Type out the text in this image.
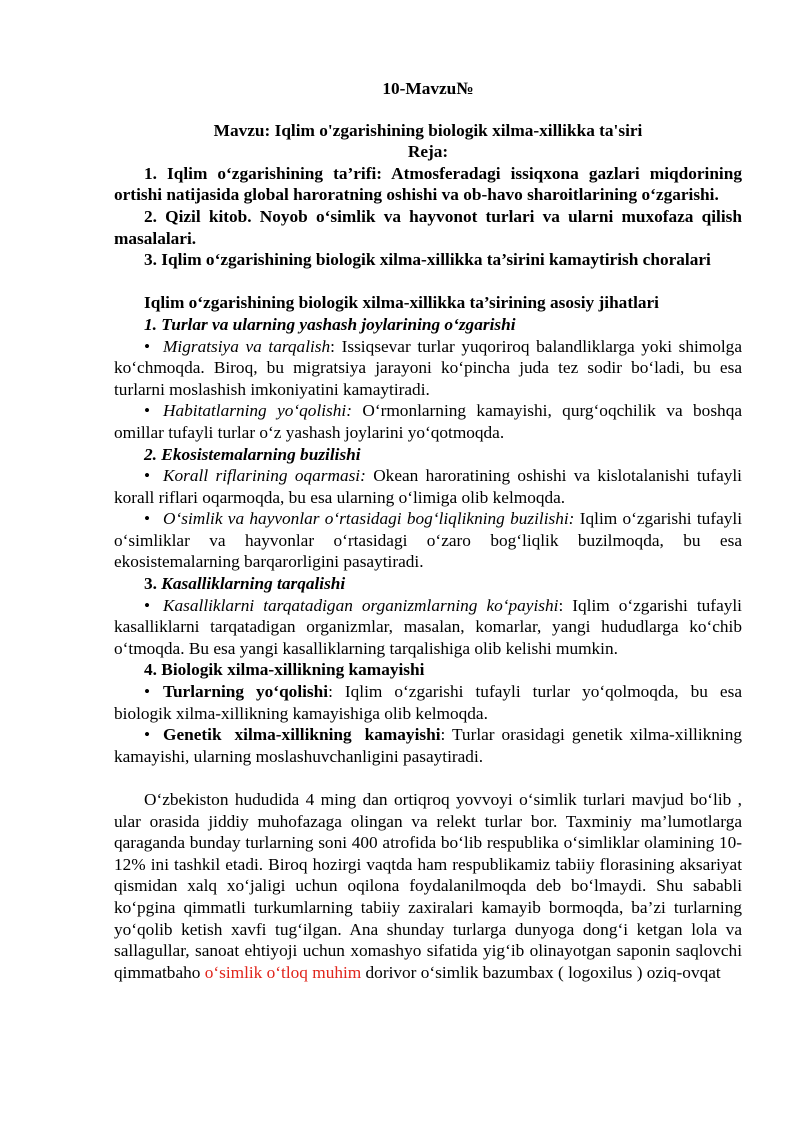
10-Mavzu№

Mavzu: Iqlim o'zgarishining biologik xilma-xillikka ta'siri

Reja:

1. Iqlim o‘zgarishining ta’rifi: Atmosferadagi issiqxona gazlari miqdorining ortishi natijasida global haroratning oshishi va ob-havo sharoitlarining o‘zgarishi.

2. Qizil kitob. Noyob o‘simlik va hayvonot turlari va ularni muxofaza qilish masalalari.

3. Iqlim o‘zgarishining biologik xilma-xillikka ta’sirini kamaytirish choralari

Iqlim o‘zgarishining biologik xilma-xillikka ta’sirining asosiy jihatlari

1. Turlar va ularning yashash joylarining o‘zgarishi

• Migratsiya va tarqalish: Issiqsevar turlar yuqoriroq balandliklarga yoki shimolga ko‘chmoqda. Biroq, bu migratsiya jarayoni ko‘pincha juda tez sodir bo‘ladi, bu esa turlarni moslashish imkoniyatini kamaytiradi.

• Habitatlarning yo‘qolishi: O‘rmonlarning kamayishi, qurg‘oqchilik va boshqa omillar tufayli turlar o‘z yashash joylarini yo‘qotmoqda.

2. Ekosistemalarning buzilishi

• Korall riflarining oqarmasi: Okean haroratining oshishi va kislotalanishi tufayli korall riflari oqarmoqda, bu esa ularning o‘limiga olib kelmoqda.

• O‘simlik va hayvonlar o‘rtasidagi bog‘liqlikning buzilishi: Iqlim o‘zgarishi tufayli o‘simliklar va hayvonlar o‘rtasidagi o‘zaro bog‘liqlik buzilmoqda, bu esa ekosistemalarning barqarorligini pasaytiradi.

3. Kasalliklarning tarqalishi

• Kasalliklarni tarqatadigan organizmlarning ko‘payishi: Iqlim o‘zgarishi tufayli kasalliklarni tarqatadigan organizmlar, masalan, komarlar, yangi hududlarga ko‘chib o‘tmoqda. Bu esa yangi kasalliklarning tarqalishiga olib kelishi mumkin.

4. Biologik xilma-xillikning kamayishi

• Turlarning yo‘qolishi: Iqlim o‘zgarishi tufayli turlar yo‘qolmoqda, bu esa biologik xilma-xillikning kamayishiga olib kelmoqda.

• Genetik xilma-xillikning kamayishi: Turlar orasidagi genetik xilma-xillikning kamayishi, ularning moslashuvchanligini pasaytiradi.

O‘zbekiston hududida 4 ming dan ortiqroq yovvoyi o‘simlik turlari mavjud bo‘lib , ular orasida jiddiy muhofazaga olingan va relekt turlar bor. Taxminiy ma’lumotlarga qaraganda bunday turlarning soni 400 atrofida bo‘lib respublika o‘simliklar olamining 10-12% ini tashkil etadi. Biroq hozirgi vaqtda ham respublikamiz tabiiy florasining aksariyat qismidan xalq xo‘jaligi uchun oqilona foydalanilmoqda deb bo‘lmaydi. Shu sababli ko‘pgina qimmatli turkumlarning tabiiy zaxiralari kamayib bormoqda, ba’zi turlarning yo‘qolib ketish xavfi tug‘ilgan. Ana shunday turlarga dunyoga dong‘i ketgan lola va sallagullar, sanoat ehtiyoji uchun xomashyo sifatida yig‘ib olinayotgan saponin saqlovchi qimmatbaho o‘simlik o‘tloq muhim dorivor o‘simlik bazumbax ( logoxilus ) oziq-ovqat
